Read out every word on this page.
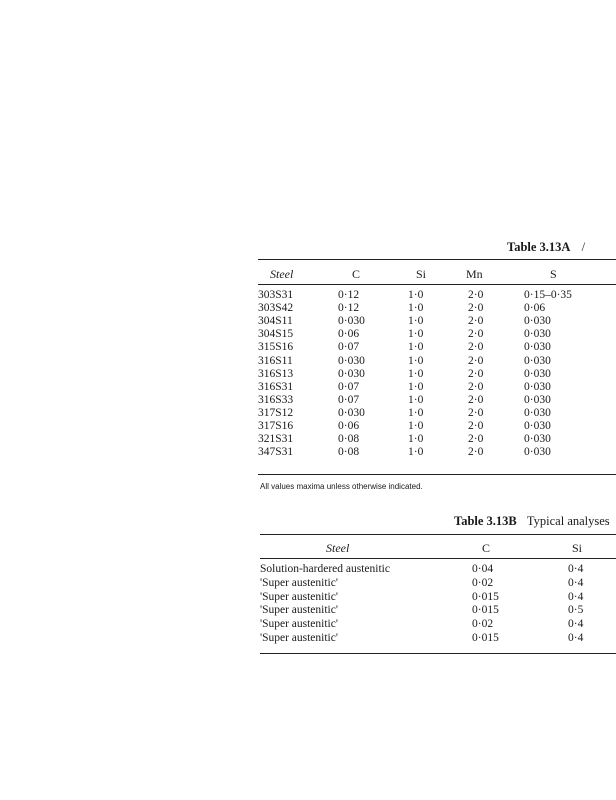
Table 3.13A /
Steel	C	Si	Mn	S
303S31	0·12	1·0	2·0	0·15–0·35
303S42	0·12	1·0	2·0	0·06
304S11	0·030	1·0	2·0	0·030
304S15	0·06	1·0	2·0	0·030
315S16	0·07	1·0	2·0	0·030
316S11	0·030	1·0	2·0	0·030
316S13	0·030	1·0	2·0	0·030
316S31	0·07	1·0	2·0	0·030
316S33	0·07	1·0	2·0	0·030
317S12	0·030	1·0	2·0	0·030
317S16	0·06	1·0	2·0	0·030
321S31	0·08	1·0	2·0	0·030
347S31	0·08	1·0	2·0	0·030
All values maxima unless otherwise indicated.
Table 3.13B Typical analyses
Steel	C	Si
Solution-hardered austenitic	0·04	0·4
'Super austenitic'	0·02	0·4
'Super austenitic'	0·015	0·4
'Super austenitic'	0·015	0·5
'Super austenitic'	0·02	0·4
'Super austenitic'	0·015	0·4
